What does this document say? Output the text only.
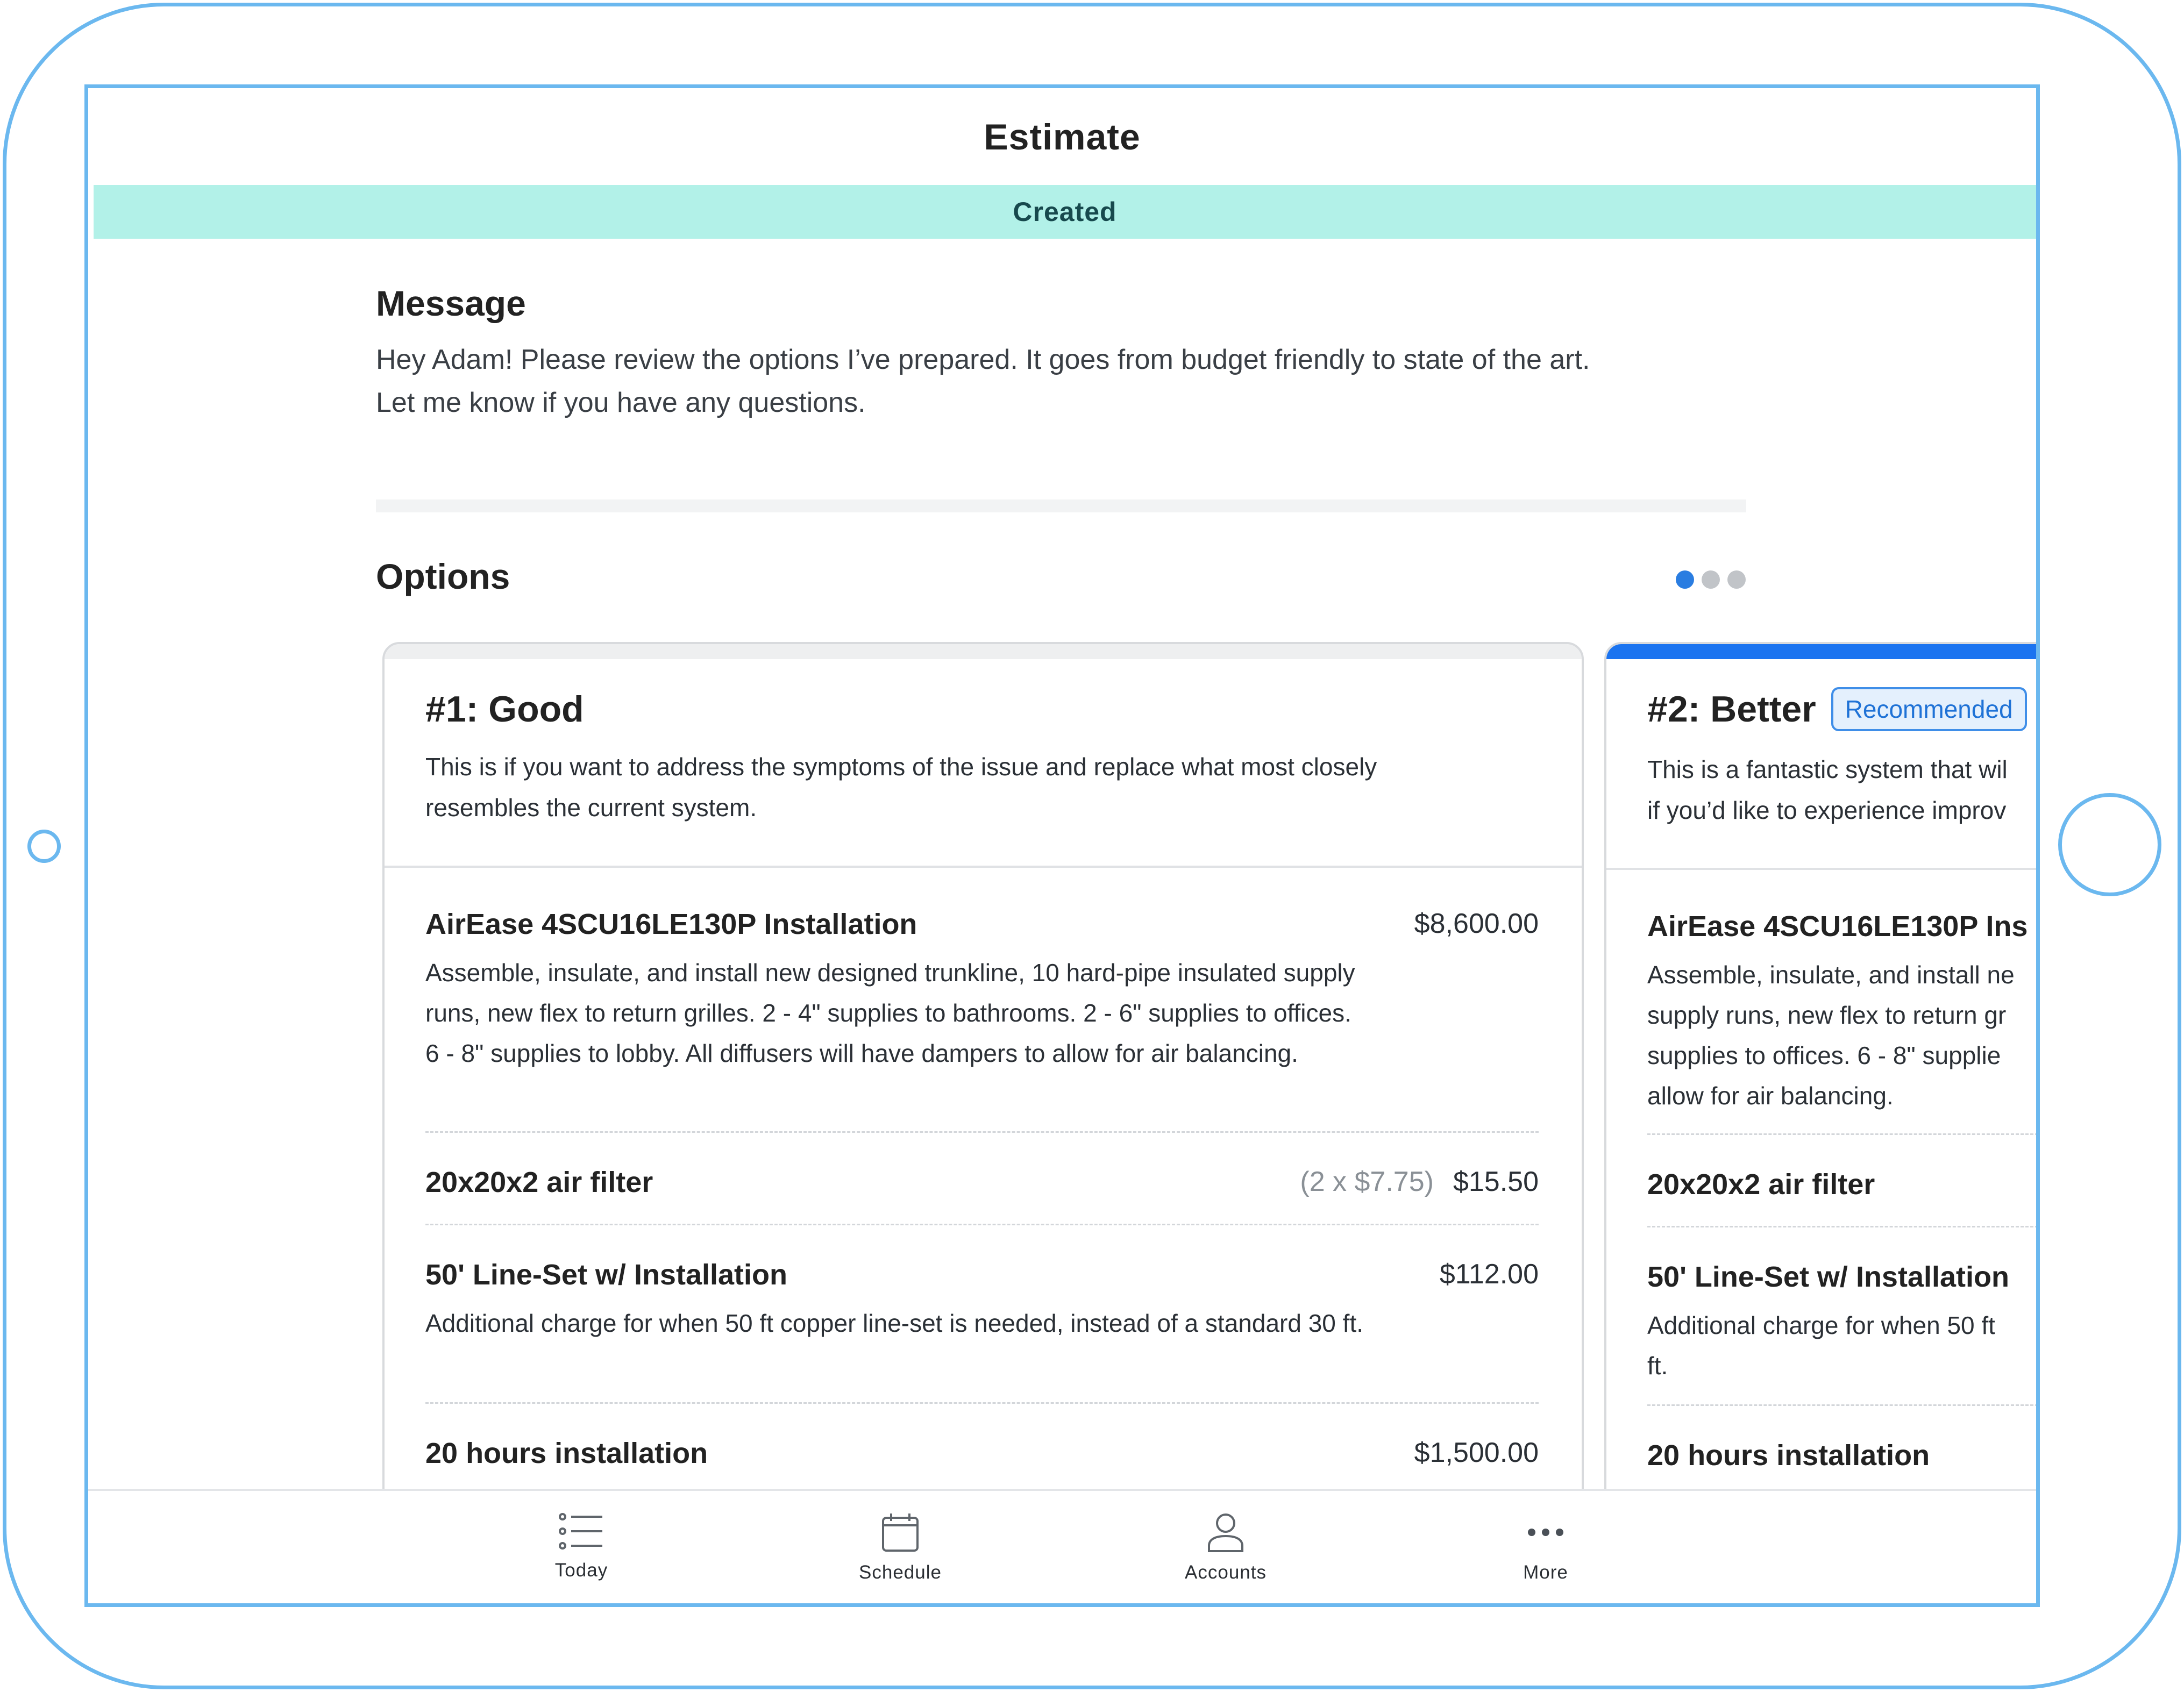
Estimate
Created
Message
Hey Adam! Please review the options I’ve prepared. It goes from budget friendly to state of the art.
Let me know if you have any questions.
Options
#1: Good
This is if you want to address the symptoms of the issue and replace what most closely
resembles the current system.
AirEase 4SCU16LE130P Installation	$8,600.00
Assemble, insulate, and install new designed trunkline, 10 hard-pipe insulated supply runs, new flex to return grilles. 2 - 4" supplies to bathrooms. 2 - 6" supplies to offices. 6 - 8" supplies to lobby. All diffusers will have dampers to allow for air balancing.
20x20x2 air filter	(2 x $7.75) $15.50
50' Line-Set w/ Installation	$112.00
Additional charge for when 50 ft copper line-set is needed, instead of a standard 30 ft.
20 hours installation	$1,500.00
#2: Better Recommended
This is a fantastic system that wil
if you’d like to experience improv
AirEase 4SCU16LE130P Ins
Assemble, insulate, and install ne
supply runs, new flex to return gr
supplies to offices. 6 - 8" supplie
allow for air balancing.
20x20x2 air filter
50' Line-Set w/ Installation
Additional charge for when 50 ft
ft.
20 hours installation
Today	Schedule	Accounts	More
